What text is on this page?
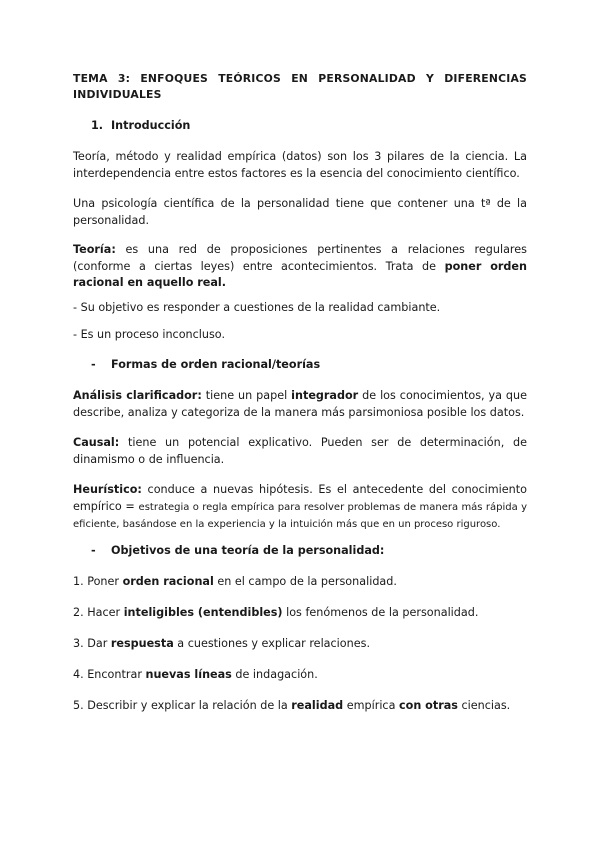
TEMA 3: ENFOQUES TEÓRICOS EN PERSONALIDAD Y DIFERENCIAS
INDIVIDUALES
1. Introducción

Teoría, método y realidad empírica (datos) son los 3 pilares de la ciencia. La interdependencia entre estos factores es la esencia del conocimiento científico.

Una psicología científica de la personalidad tiene que contener una tª de la personalidad.

Teoría: es una red de proposiciones pertinentes a relaciones regulares (conforme a ciertas leyes) entre acontecimientos. Trata de poner orden racional en aquello real.

- Su objetivo es responder a cuestiones de la realidad cambiante.

- Es un proceso inconcluso.

- Formas de orden racional/teorías

Análisis clarificador: tiene un papel integrador de los conocimientos, ya que describe, analiza y categoriza de la manera más parsimoniosa posible los datos.

Causal: tiene un potencial explicativo. Pueden ser de determinación, de dinamismo o de influencia.

Heurístico: conduce a nuevas hipótesis. Es el antecedente del conocimiento empírico = estrategia o regla empírica para resolver problemas de manera más rápida y eficiente, basándose en la experiencia y la intuición más que en un proceso riguroso.

- Objetivos de una teoría de la personalidad:

1. Poner orden racional en el campo de la personalidad.

2. Hacer inteligibles (entendibles) los fenómenos de la personalidad.

3. Dar respuesta a cuestiones y explicar relaciones.

4. Encontrar nuevas líneas de indagación.

5. Describir y explicar la relación de la realidad empírica con otras ciencias.
